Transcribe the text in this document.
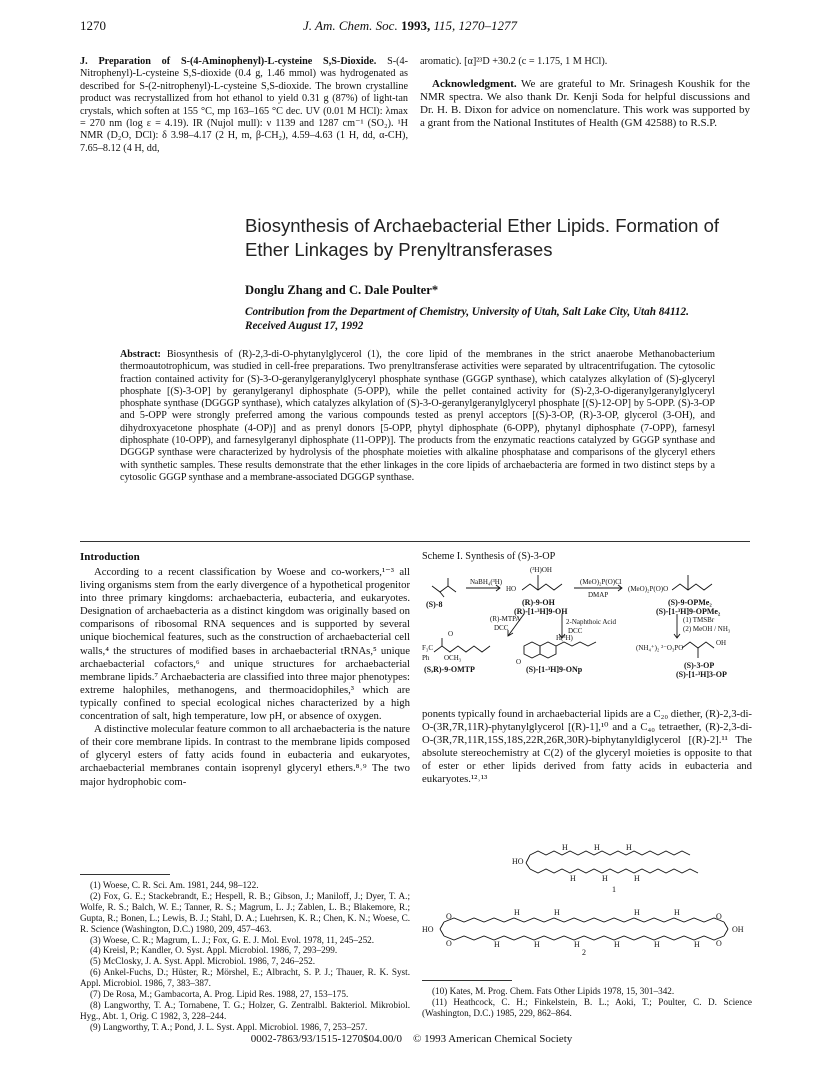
1270	J. Am. Chem. Soc. 1993, 115, 1270–1277
J. Preparation of S-(4-Aminophenyl)-L-cysteine S,S-Dioxide. S-(4-Nitrophenyl)-L-cysteine S,S-dioxide (0.4 g, 1.46 mmol) was hydrogenated as described for S-(2-nitrophenyl)-L-cysteine S,S-dioxide. The brown crystalline product was recrystallized from hot ethanol to yield 0.31 g (87%) of light-tan crystals, which soften at 155 °C, mp 163–165 °C dec. UV (0.01 M HCl): λmax = 270 nm (log ε = 4.19). IR (Nujol mull): ν 1139 and 1287 cm⁻¹ (SO₂). ¹H NMR (D₂O, DCl): δ 3.98–4.17 (2 H, m, β-CH₂), 4.59–4.63 (1 H, dd, α-CH), 7.65–8.12 (4 H, dd,
aromatic). [α]²³D +30.2 (c = 1.175, 1 M HCl).
Acknowledgment. We are grateful to Mr. Srinagesh Koushik for the NMR spectra. We also thank Dr. Kenji Soda for helpful discussions and Dr. H. B. Dixon for advice on nomenclature. This work was supported by a grant from the National Institutes of Health (GM 42588) to R.S.P.
Biosynthesis of Archaebacterial Ether Lipids. Formation of Ether Linkages by Prenyltransferases
Donglu Zhang and C. Dale Poulter*
Contribution from the Department of Chemistry, University of Utah, Salt Lake City, Utah 84112.
Received August 17, 1992
Abstract: Biosynthesis of (R)-2,3-di-O-phytanylglycerol (1), the core lipid of the membranes in the strict anaerobe Methanobacterium thermoautotrophicum, was studied in cell-free preparations. Two prenyltransferase activities were separated by ultracentrifugation. The cytosolic fraction contained activity for (S)-3-O-geranylgeranylglyceryl phosphate synthase (GGGP synthase), which catalyzes alkylation of (S)-glyceryl phosphate [(S)-3-OP] by geranylgeranyl diphosphate (5-OPP), while the pellet contained activity for (S)-2,3-O-digeranylgeranylglyceryl phosphate synthase (DGGGP synthase), which catalyzes alkylation of (S)-3-O-geranylgeranylglyceryl phosphate [(S)-12-OP] by 5-OPP. (S)-3-OP and 5-OPP were strongly preferred among the various compounds tested as prenyl acceptors [(S)-3-OP, (R)-3-OP, glycerol (3-OH), and dihydroxyacetone phosphate (4-OP)] and as prenyl donors [5-OPP, phytyl diphosphate (6-OPP), phytanyl diphosphate (7-OPP), farnesyl diphosphate (10-OPP), and farnesylgeranyl diphosphate (11-OPP)]. The products from the enzymatic reactions catalyzed by GGGP synthase and DGGGP synthase were characterized by hydrolysis of the phosphate moieties with alkaline phosphatase and comparisons of the glyceryl ethers with synthetic samples. These results demonstrate that the ether linkages in the core lipids of archaebacteria are formed in two distinct steps by a cytosolic GGGP synthase and a membrane-associated DGGGP synthase.
Introduction

According to a recent classification by Woese and co-workers,¹⁻³ all living organisms stem from the early divergence of a hypothetical progenitor into three primary kingdoms: archaebacteria, eubacteria, and eukaryotes. Designation of archaebacteria as a distinct kingdom was originally based on comparisons of ribosomal RNA sequences and is supported by several unique biochemical features, such as the construction of archaebacterial cell walls,⁴ the structures of modified bases in archaebacterial tRNAs,⁵ unique archaebacterial cofactors,⁶ and unique structures for archaebacterial membrane lipids.⁷ Archaebacteria are classified into three major phenotypes: extreme halophiles, methanogens, and thermoacidophiles,³ which are typically confined to special ecological niches characterized by a high concentration of salt, high temperature, low pH, or absence of oxygen.

A distinctive molecular feature common to all archaebacteria is the nature of their core membrane lipids. In contrast to the membrane lipids composed of glyceryl esters of fatty acids found in eubacteria and eukaryotes, archaebacterial membranes contain isoprenyl glyceryl ethers.⁸˒⁹ The two major hydrophobic com-

(1) Woese, C. R. Sci. Am. 1981, 244, 98–122.
(2) Fox, G. E.; Stackebrandt, E.; Hespell, R. B.; Gibson, J.; Maniloff, J.; Dyer, T. A.; Wolfe, R. S.; Balch, W. E.; Tanner, R. S.; Magrum, L. J.; Zablen, L. B.; Blakemore, R.; Gupta, R.; Bonen, L.; Lewis, B. J.; Stahl, D. A.; Luehrsen, K. R.; Chen, K. N.; Woese, C. R. Science (Washington, D.C.) 1980, 209, 457–463.
(3) Woese, C. R.; Magrum, L. J.; Fox, G. E. J. Mol. Evol. 1978, 11, 245–252.
(4) Kreisl, P.; Kandler, O. Syst. Appl. Microbiol. 1986, 7, 293–299.
(5) McClosky, J. A. Syst. Appl. Microbiol. 1986, 7, 246–252.
(6) Ankel-Fuchs, D.; Hüster, R.; Mörshel, E.; Albracht, S. P. J.; Thauer, R. K. Syst. Appl. Microbiol. 1986, 7, 383–387.
(7) De Rosa, M.; Gambacorta, A. Prog. Lipid Res. 1988, 27, 153–175.
(8) Langworthy, T. A.; Tornabene, T. G.; Holzer, G. Zentralbl. Bakteriol. Mikrobiol. Hyg., Abt. 1, Orig. C 1982, 3, 228–244.
(9) Langworthy, T. A.; Pond, J. L. Syst. Appl. Microbiol. 1986, 7, 253–257.
Scheme I. Synthesis of (S)-3-OP
(S)-8	(R)-9-OH
(R)-[1-³H]9-OH
(S)-9-OPMe₂
(S)-[1-³H]9-OPMe₂
(S,R)-9-OMTP	(S)-[1-³H]9-ONp	(S)-3-OP
(S)-[1-³H]3-OP
NaBH₄(³H)	(MeO)₂P(O)Cl
DMAP
(R)-MTPA
DCC
2-Naphthoic Acid
DCC
(1) TMSBr
(2) MeOH / NH₃
(³H)OH
HO	(MeO)₂P(O)O
F₃C
Ph OCH₃
H(³H)
(NH₄⁺)₂ ²⁻O₃PO
OH
O
O
ponents typically found in archaebacterial lipids are a C₂₀ diether, (R)-2,3-di-O-(3R,7R,11R)-phytanylglycerol [(R)-1],¹⁰ and a C₄₀ tetraether, (R)-2,3-di-O-(3R,7R,11R,15S,18S,22R,26R,30R)-biphytanyldiglycerol [(R)-2].¹¹ The absolute stereochemistry at C(2) of the glyceryl moieties is opposite to that of ester or ether lipids derived from fatty acids in eubacteria and eukaryotes.¹²˒¹³
HO
H	H	H
H	H	H
1
HO	OH
O
O
O
O
H	H	H	H	H	H
H	H	H	H
2
(10) Kates, M. Prog. Chem. Fats Other Lipids 1978, 15, 301–342.
(11) Heathcock, C. H.; Finkelstein, B. L.; Aoki, T.; Poulter, C. D. Science (Washington, D.C.) 1985, 229, 862–864.
0002-7863/93/1515-1270$04.00/0 © 1993 American Chemical Society
